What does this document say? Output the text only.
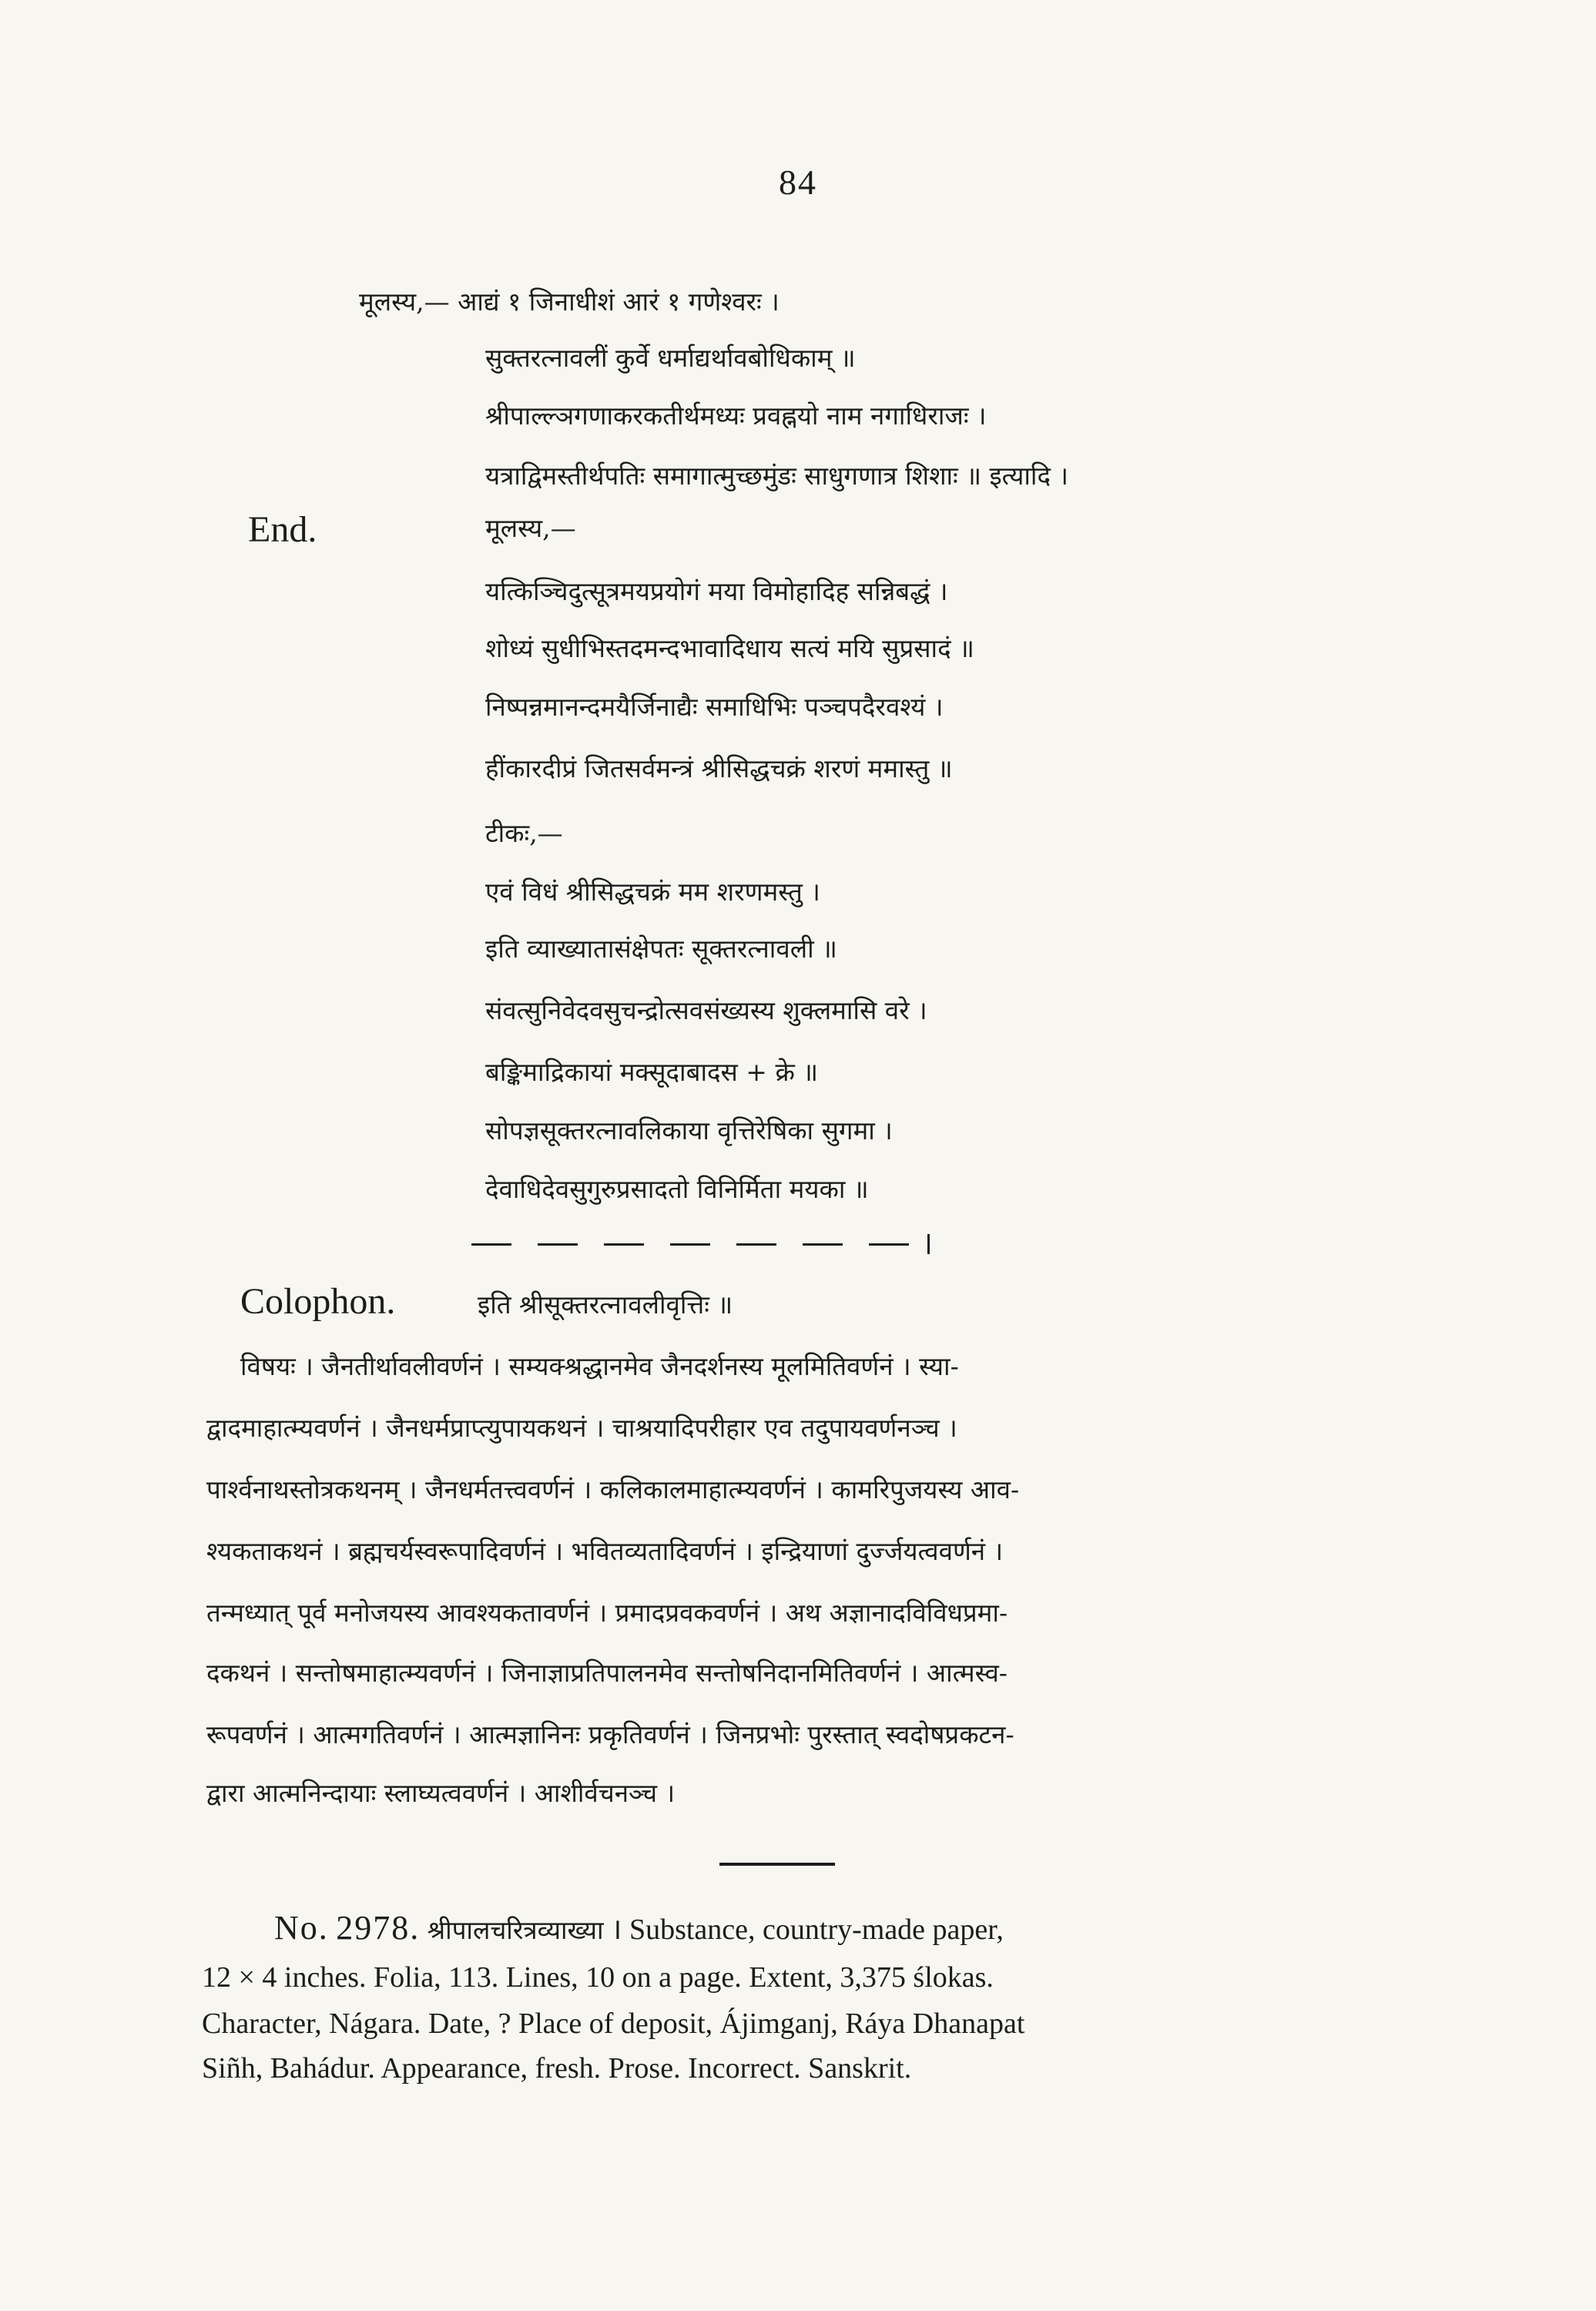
84
मूलस्य,— आद्यं १ जिनाधीशं आरं १ गणेश्वरः ।
सुक्तरत्नावलीं कुर्वे धर्माद्यर्थावबोधिकाम् ॥
श्रीपाल्ल्ञगणाकरकतीर्थमध्यः प्रवह्नयो नाम नगाधिराजः ।
यत्राद्विमस्तीर्थपतिः समागात्मुच्छमुंडः साधुगणात्र शिशाः ॥ इत्यादि ।
End.	मूलस्य,—
यत्किञ्चिदुत्सूत्रमयप्रयोगं मया विमोहादिह सन्निबद्धं ।
शोध्यं सुधीभिस्तदमन्दभावादिधाय सत्यं मयि सुप्रसादं ॥
निष्पन्नमानन्दमयैर्जिनाद्यैः समाधिभिः पञ्चपदैरवश्यं ।
हींकारदीप्रं जितसर्वमन्त्रं श्रीसिद्धचक्रं शरणं ममास्तु ॥
टीकः,—
एवं विधं श्रीसिद्धचक्रं मम शरणमस्तु ।
इति व्याख्यातासंक्षेपतः सूक्तरत्नावली ॥
संवत्सुनिवेदवसुचन्द्रोत्सवसंख्यस्य शुक्लमासि वरे ।
बङ्किमाद्रिकायां मक्सूदाबादस + क्रे ॥
सोपज्ञसूक्तरत्नावलिकाया वृत्तिरेषिका सुगमा ।
देवाधिदेवसुगुरुप्रसादतो विनिर्मिता मयका ॥
Colophon.	इति श्रीसूक्तरत्नावलीवृत्तिः ॥
विषयः । जैनतीर्थावलीवर्णनं । सम्यक्श्रद्धानमेव जैनदर्शनस्य मूलमितिवर्णनं । स्या-
द्वादमाहात्म्यवर्णनं । जैनधर्मप्राप्त्युपायकथनं । चाश्रयादिपरीहार एव तदुपायवर्णनञ्च ।
पार्श्वनाथस्तोत्रकथनम् । जैनधर्मतत्त्ववर्णनं । कलिकालमाहात्म्यवर्णनं । कामरिपुजयस्य आव-
श्यकताकथनं । ब्रह्मचर्यस्वरूपादिवर्णनं । भवितव्यतादिवर्णनं । इन्द्रियाणां दुर्ज्जयत्ववर्णनं ।
तन्मध्यात् पूर्व मनोजयस्य आवश्यकतावर्णनं । प्रमादप्रवकवर्णनं । अथ अज्ञानादविविधप्रमा-
दकथनं । सन्तोषमाहात्म्यवर्णनं । जिनाज्ञाप्रतिपालनमेव सन्तोषनिदानमितिवर्णनं । आत्मस्व-
रूपवर्णनं । आत्मगतिवर्णनं । आत्मज्ञानिनः प्रकृतिवर्णनं । जिनप्रभोः पुरस्तात् स्वदोषप्रकटन-
द्वारा आत्मनिन्दायाः स्लाघ्यत्ववर्णनं । आशीर्वचनञ्च ।
No. 2978. श्रीपालचरित्रव्याख्या । Substance, country-made paper,
12 × 4 inches. Folia, 113. Lines, 10 on a page. Extent, 3,375 ślokas.
Character, Nágara. Date, ? Place of deposit, Ájimganj, Ráya Dhanapat
Siñh, Bahádur. Appearance, fresh. Prose. Incorrect. Sanskrit.
